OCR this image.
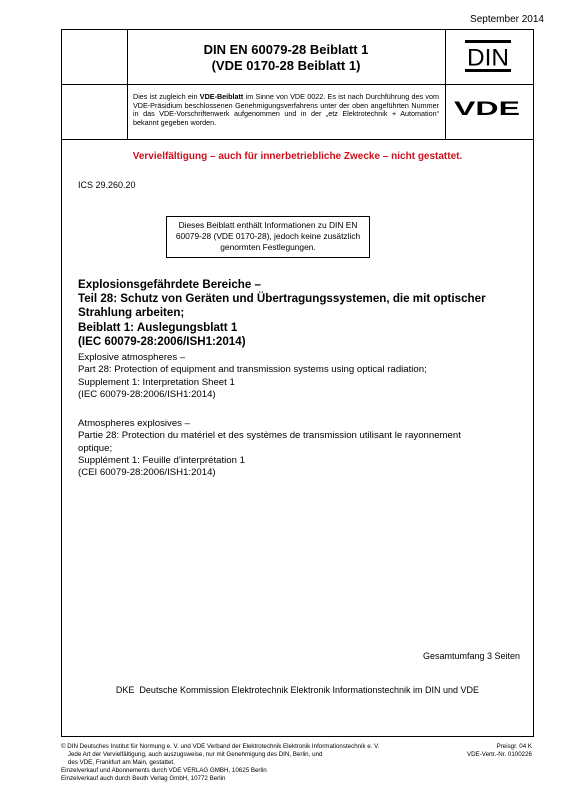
September 2014
DIN EN 60079-28 Beiblatt 1
(VDE 0170-28 Beiblatt 1)	DIN
VDE
Dies ist zugleich ein VDE-Beiblatt im Sinne von VDE 0022. Es ist nach Durchführung des vom VDE-Präsidium beschlossenen Genehmigungsverfahrens unter der oben angeführten Nummer in das VDE-Vorschriftenwerk aufgenommen und in der „etz Elektrotechnik + Automation“ bekannt gegeben worden.
Vervielfältigung – auch für innerbetriebliche Zwecke – nicht gestattet.
ICS 29.260.20
Dieses Beiblatt enthält Informationen zu DIN EN 60079-28 (VDE 0170-28), jedoch keine zusätzlich genormten Festlegungen.
Explosionsgefährdete Bereiche –
Teil 28: Schutz von Geräten und Übertragungssystemen, die mit optischer
Strahlung arbeiten;
Beiblatt 1: Auslegungsblatt 1
(IEC 60079-28:2006/ISH1:2014)
Explosive atmospheres –
Part 28: Protection of equipment and transmission systems using optical radiation;
Supplement 1: Interpretation Sheet 1
(IEC 60079-28:2006/ISH1:2014)
Atmospheres explosives –
Partie 28: Protection du matériel et des systèmes de transmission utilisant le rayonnement
optique;
Supplément 1: Feuille d’interprétation 1
(CEI 60079-28:2006/ISH1:2014)
Gesamtumfang 3 Seiten
DKE  Deutsche Kommission Elektrotechnik Elektronik Informationstechnik im DIN und VDE
© DIN Deutsches Institut für Normung e. V. und VDE Verband der Elektrotechnik Elektronik Informationstechnik e. V.
Jede Art der Vervielfältigung, auch auszugsweise, nur mit Genehmigung des DIN, Berlin, und
des VDE, Frankfurt am Main, gestattet.
Einzelverkauf und Abonnements durch VDE VERLAG GMBH, 10625 Berlin
Einzelverkauf auch durch Beuth Verlag GmbH, 10772 Berlin
Preisgr. 04 K
VDE-Vertr.-Nr. 0100226
